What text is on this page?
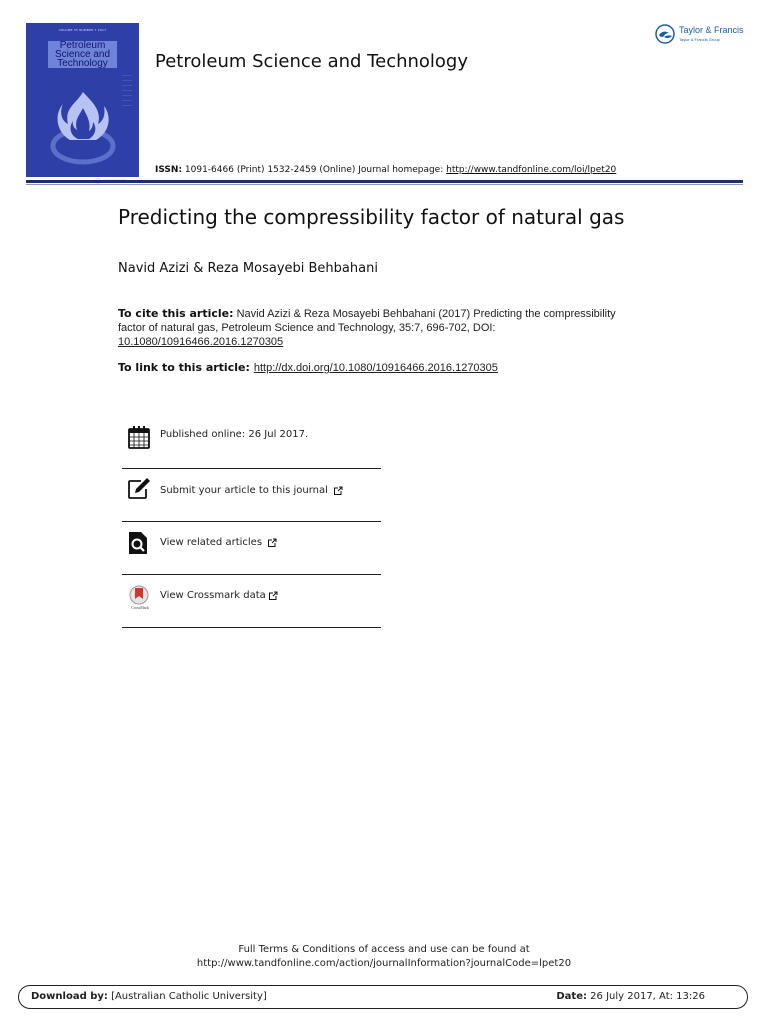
VOLUME 35 NUMBER 7 2017
Petroleum
Science and
Technology
..........
..........
..........
..........
..........
..........
..........
Petroleum Science and Technology
Taylor & Francis
Taylor & Francis Group
ISSN: 1091-6466 (Print) 1532-2459 (Online) Journal homepage: http://www.tandfonline.com/loi/lpet20
Predicting the compressibility factor of natural gas
Navid Azizi & Reza Mosayebi Behbahani
To cite this article: Navid Azizi & Reza Mosayebi Behbahani (2017) Predicting the compressibility factor of natural gas, Petroleum Science and Technology, 35:7, 696-702, DOI: 10.1080/10916466.2016.1270305
To link to this article: http://dx.doi.org/10.1080/10916466.2016.1270305
Published online: 26 Jul 2017.
Submit your article to this journal
View related articles
CrossMark
View Crossmark data
Full Terms & Conditions of access and use can be found at
http://www.tandfonline.com/action/journalInformation?journalCode=lpet20
Download by: [Australian Catholic University]	Date: 26 July 2017, At: 13:26
